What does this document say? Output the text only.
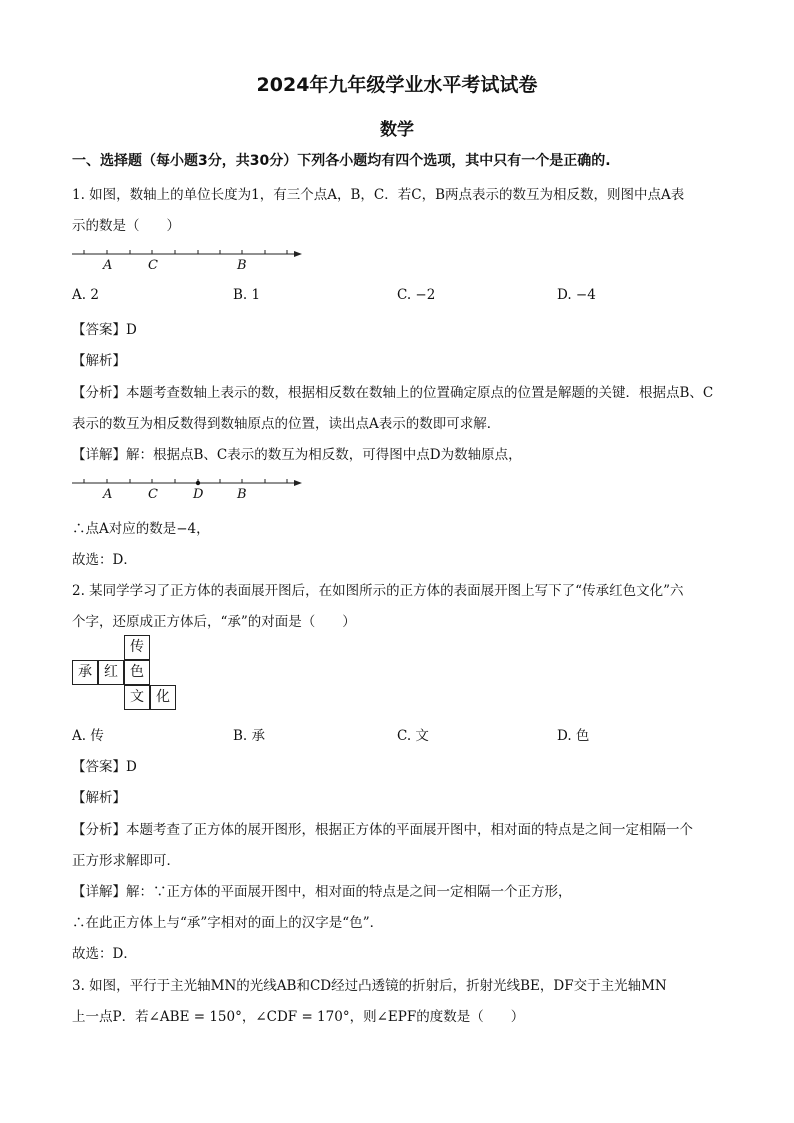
2024年九年级学业水平考试试卷
数学
一、选择题（每小题3分，共30分）下列各小题均有四个选项，其中只有一个是正确的.
1. 如图，数轴上的单位长度为1，有三个点A，B，C．若C，B两点表示的数互为相反数，则图中点A表
示的数是（　　）
A	C	B
A. 2	B. 1	C. −2	D. −4
【答案】D
【解析】
【分析】本题考查数轴上表示的数，根据相反数在数轴上的位置确定原点的位置是解题的关键．根据点B、C
表示的数互为相反数得到数轴原点的位置，读出点A表示的数即可求解．
【详解】解：根据点B、C表示的数互为相反数，可得图中点D为数轴原点，
A	C	D	B
∴点A对应的数是−4，
故选：D．
2. 某同学学习了正方体的表面展开图后，在如图所示的正方体的表面展开图上写下了“传承红色文化”六
个字，还原成正方体后，“承”的对面是（　　）
传
承 红 色
文 化
A. 传	B. 承	C. 文	D. 色
【答案】D
【解析】
【分析】本题考查了正方体的展开图形，根据正方体的平面展开图中，相对面的特点是之间一定相隔一个
正方形求解即可．
【详解】解：∵正方体的平面展开图中，相对面的特点是之间一定相隔一个正方形，
∴在此正方体上与“承”字相对的面上的汉字是“色”．
故选：D．
3. 如图，平行于主光轴MN的光线AB和CD经过凸透镜的折射后，折射光线BE，DF交于主光轴MN
上一点P．若∠ABE = 150°，∠CDF = 170°，则∠EPF的度数是（　　）
